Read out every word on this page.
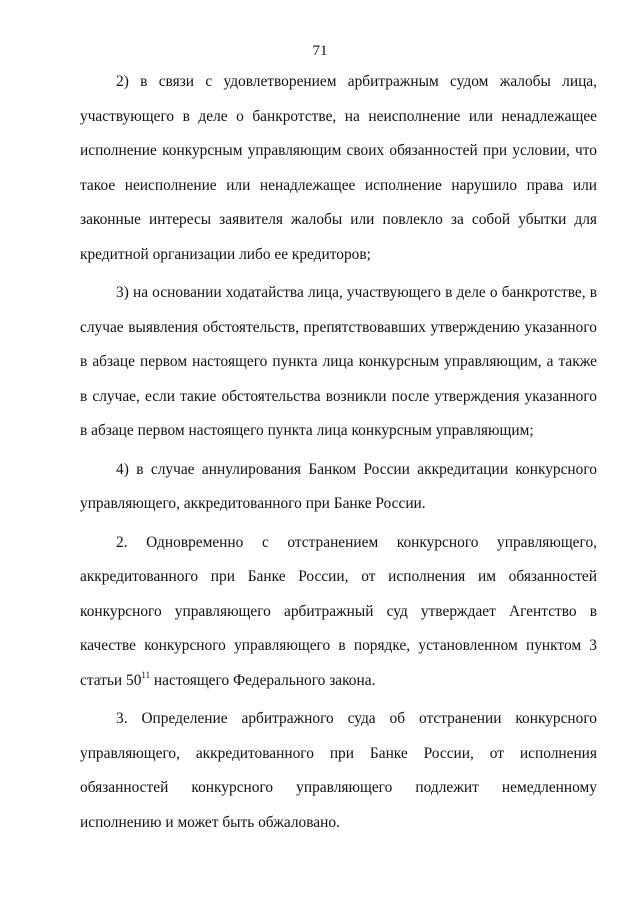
71

2) в связи с удовлетворением арбитражным судом жалобы лица, участвующего в деле о банкротстве, на неисполнение или ненадлежащее исполнение конкурсным управляющим своих обязанностей при условии, что такое неисполнение или ненадлежащее исполнение нарушило права или законные интересы заявителя жалобы или повлекло за собой убытки для кредитной организации либо ее кредиторов;

3) на основании ходатайства лица, участвующего в деле о банкротстве, в случае выявления обстоятельств, препятствовавших утверждению указанного в абзаце первом настоящего пункта лица конкурсным управляющим, а также в случае, если такие обстоятельства возникли после утверждения указанного в абзаце первом настоящего пункта лица конкурсным управляющим;

4) в случае аннулирования Банком России аккредитации конкурсного управляющего, аккредитованного при Банке России.

2. Одновременно с отстранением конкурсного управляющего, аккредитованного при Банке России, от исполнения им обязанностей конкурсного управляющего арбитражный суд утверждает Агентство в качестве конкурсного управляющего в порядке, установленном пунктом 3 статьи $50^{11}$ настоящего Федерального закона.

3. Определение арбитражного суда об отстранении конкурсного управляющего, аккредитованного при Банке России, от исполнения обязанностей конкурсного управляющего подлежит немедленному исполнению и может быть обжаловано.
